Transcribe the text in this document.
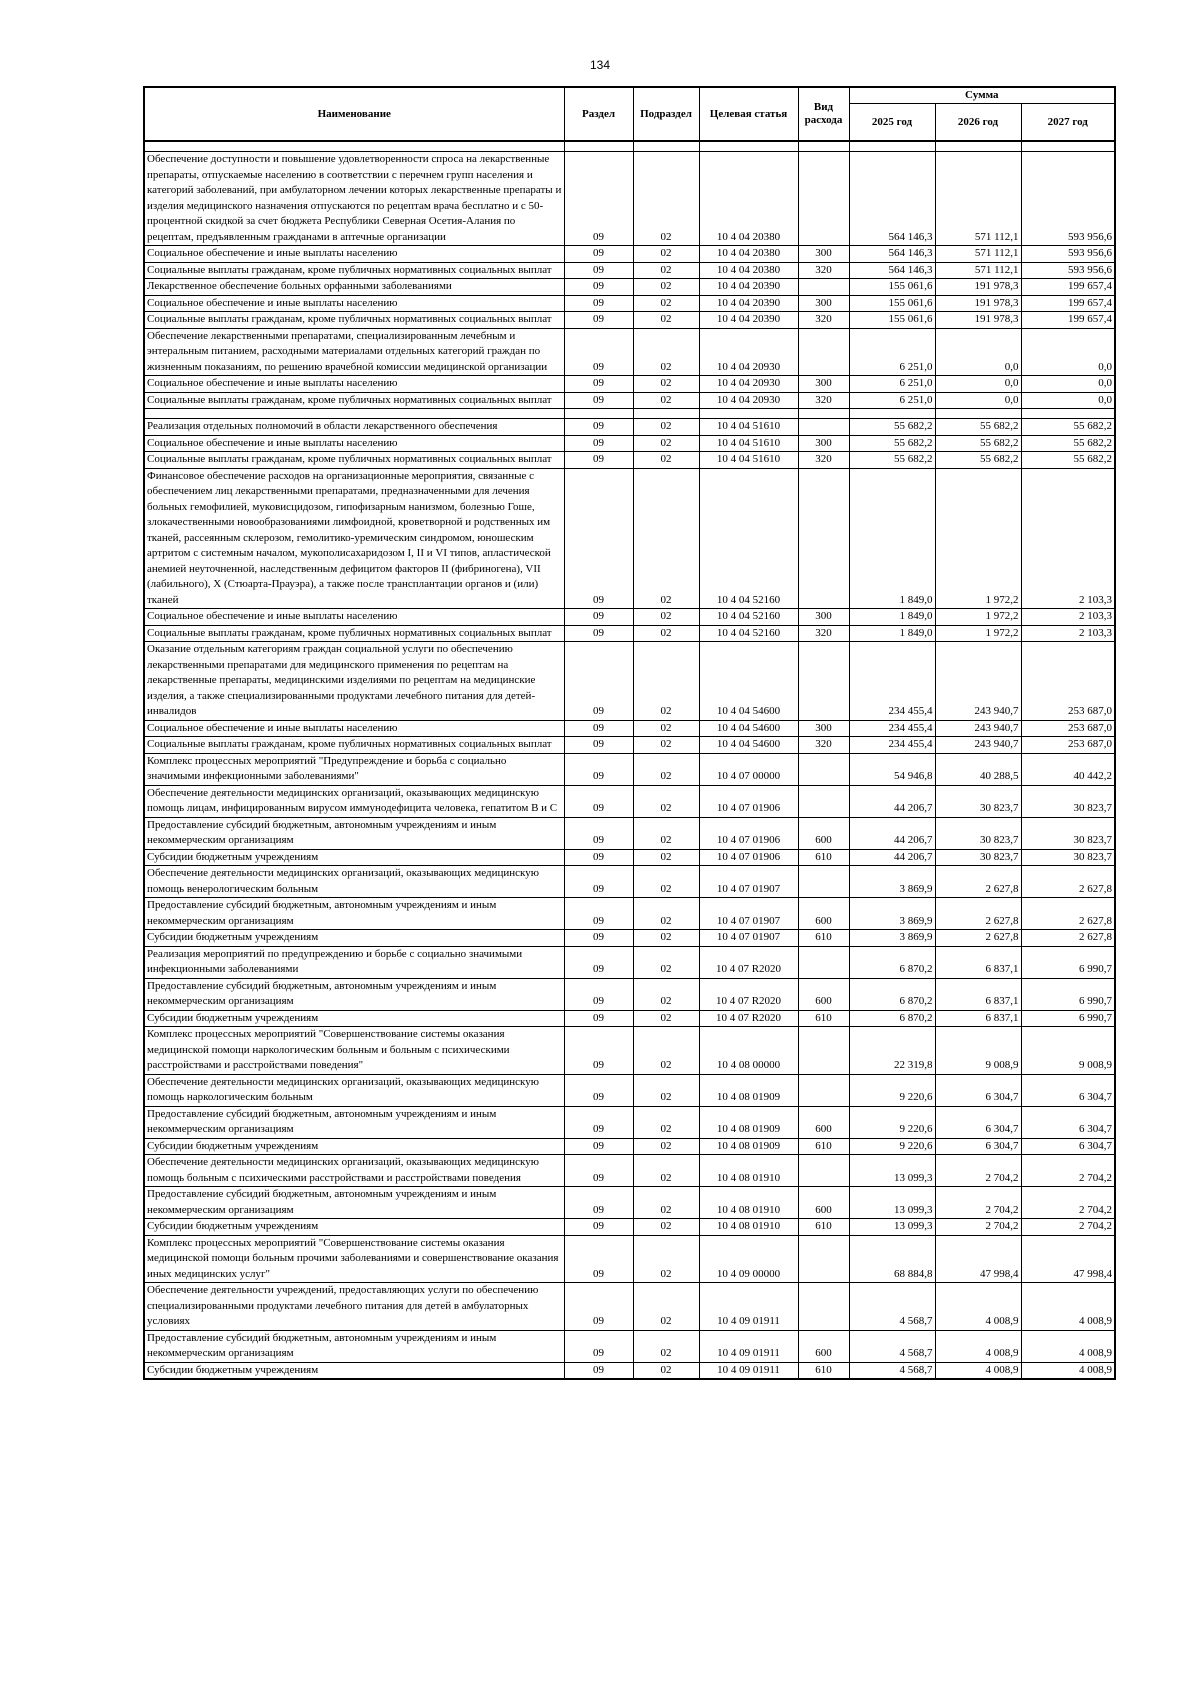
134
Наименование	Раздел	Подраздел	Целевая статья	Вид расхода	Сумма		
					2025 год	2026 год	2027 год

Обеспечение доступности и повышение удовлетворенности спроса на лекарственные препараты, отпускаемые населению в соответствии с перечнем групп населения и категорий заболеваний, при амбулаторном лечении которых лекарственные препараты и изделия медицинского назначения отпускаются по рецептам врача бесплатно и с 50-процентной скидкой за счет бюджета Республики Северная Осетия-Алания по рецептам, предъявленным гражданами в аптечные организации	09	02	10 4 04 20380		564 146,3	571 112,1	593 956,6
Социальное обеспечение и иные выплаты населению	09	02	10 4 04 20380	300	564 146,3	571 112,1	593 956,6
Социальные выплаты гражданам, кроме публичных нормативных социальных выплат	09	02	10 4 04 20380	320	564 146,3	571 112,1	593 956,6
Лекарственное обеспечение больных орфанными заболеваниями	09	02	10 4 04 20390		155 061,6	191 978,3	199 657,4
Социальное обеспечение и иные выплаты населению	09	02	10 4 04 20390	300	155 061,6	191 978,3	199 657,4
Социальные выплаты гражданам, кроме публичных нормативных социальных выплат	09	02	10 4 04 20390	320	155 061,6	191 978,3	199 657,4
Обеспечение лекарственными препаратами, специализированным лечебным и энтеральным питанием, расходными материалами отдельных категорий граждан по жизненным показаниям, по решению врачебной комиссии медицинской организации	09	02	10 4 04 20930		6 251,0	0,0	0,0
Социальное обеспечение и иные выплаты населению	09	02	10 4 04 20930	300	6 251,0	0,0	0,0
Социальные выплаты гражданам, кроме публичных нормативных социальных выплат	09	02	10 4 04 20930	320	6 251,0	0,0	0,0

Реализация отдельных полномочий в области лекарственного обеспечения	09	02	10 4 04 51610		55 682,2	55 682,2	55 682,2
Социальное обеспечение и иные выплаты населению	09	02	10 4 04 51610	300	55 682,2	55 682,2	55 682,2
Социальные выплаты гражданам, кроме публичных нормативных социальных выплат	09	02	10 4 04 51610	320	55 682,2	55 682,2	55 682,2
Финансовое обеспечение расходов на организационные мероприятия, связанные с обеспечением лиц лекарственными препаратами, предназначенными для лечения больных гемофилией, муковисцидозом, гипофизарным нанизмом, болезнью Гоше, злокачественными новообразованиями лимфоидной, кроветворной и родственных им тканей, рассеянным склерозом, гемолитико-уремическим синдромом, юношеским артритом с системным началом, мукополисахаридозом I, II и VI типов, апластической анемией неуточненной, наследственным дефицитом факторов II (фибриногена), VII (лабильного), X (Стюарта-Прауэра), а также после трансплантации органов и (или) тканей	09	02	10 4 04 52160		1 849,0	1 972,2	2 103,3
Социальное обеспечение и иные выплаты населению	09	02	10 4 04 52160	300	1 849,0	1 972,2	2 103,3
Социальные выплаты гражданам, кроме публичных нормативных социальных выплат	09	02	10 4 04 52160	320	1 849,0	1 972,2	2 103,3
Оказание отдельным категориям граждан социальной услуги по обеспечению лекарственными препаратами для медицинского применения по рецептам на лекарственные препараты, медицинскими изделиями по рецептам на медицинские изделия, а также специализированными продуктами лечебного питания для детей-инвалидов	09	02	10 4 04 54600		234 455,4	243 940,7	253 687,0
Социальное обеспечение и иные выплаты населению	09	02	10 4 04 54600	300	234 455,4	243 940,7	253 687,0
Социальные выплаты гражданам, кроме публичных нормативных социальных выплат	09	02	10 4 04 54600	320	234 455,4	243 940,7	253 687,0
Комплекс процессных мероприятий "Предупреждение и борьба с социально значимыми инфекционными заболеваниями"	09	02	10 4 07 00000		54 946,8	40 288,5	40 442,2
Обеспечение деятельности медицинских организаций, оказывающих медицинскую помощь лицам, инфицированным вирусом иммунодефицита человека, гепатитом В и С	09	02	10 4 07 01906		44 206,7	30 823,7	30 823,7
Предоставление субсидий бюджетным, автономным учреждениям и иным некоммерческим организациям	09	02	10 4 07 01906	600	44 206,7	30 823,7	30 823,7
Субсидии бюджетным учреждениям	09	02	10 4 07 01906	610	44 206,7	30 823,7	30 823,7
Обеспечение деятельности медицинских организаций, оказывающих медицинскую помощь венерологическим больным	09	02	10 4 07 01907		3 869,9	2 627,8	2 627,8
Предоставление субсидий бюджетным, автономным учреждениям и иным некоммерческим организациям	09	02	10 4 07 01907	600	3 869,9	2 627,8	2 627,8
Субсидии бюджетным учреждениям	09	02	10 4 07 01907	610	3 869,9	2 627,8	2 627,8
Реализация мероприятий по предупреждению и борьбе с социально значимыми инфекционными заболеваниями	09	02	10 4 07 R2020		6 870,2	6 837,1	6 990,7
Предоставление субсидий бюджетным, автономным учреждениям и иным некоммерческим организациям	09	02	10 4 07 R2020	600	6 870,2	6 837,1	6 990,7
Субсидии бюджетным учреждениям	09	02	10 4 07 R2020	610	6 870,2	6 837,1	6 990,7
Комплекс процессных мероприятий "Совершенствование системы оказания медицинской помощи наркологическим больным и больным с психическими расстройствами и расстройствами поведения"	09	02	10 4 08 00000		22 319,8	9 008,9	9 008,9
Обеспечение деятельности медицинских организаций, оказывающих медицинскую помощь наркологическим больным	09	02	10 4 08 01909		9 220,6	6 304,7	6 304,7
Предоставление субсидий бюджетным, автономным учреждениям и иным некоммерческим организациям	09	02	10 4 08 01909	600	9 220,6	6 304,7	6 304,7
Субсидии бюджетным учреждениям	09	02	10 4 08 01909	610	9 220,6	6 304,7	6 304,7
Обеспечение деятельности медицинских организаций, оказывающих медицинскую помощь больным с психическими расстройствами и расстройствами поведения	09	02	10 4 08 01910		13 099,3	2 704,2	2 704,2
Предоставление субсидий бюджетным, автономным учреждениям и иным некоммерческим организациям	09	02	10 4 08 01910	600	13 099,3	2 704,2	2 704,2
Субсидии бюджетным учреждениям	09	02	10 4 08 01910	610	13 099,3	2 704,2	2 704,2
Комплекс процессных мероприятий "Совершенствование системы оказания медицинской помощи больным прочими заболеваниями и совершенствование оказания иных медицинских услуг"	09	02	10 4 09 00000		68 884,8	47 998,4	47 998,4
Обеспечение деятельности учреждений, предоставляющих услуги по обеспечению специализированными продуктами лечебного питания для детей в амбулаторных условиях	09	02	10 4 09 01911		4 568,7	4 008,9	4 008,9
Предоставление субсидий бюджетным, автономным учреждениям и иным некоммерческим организациям	09	02	10 4 09 01911	600	4 568,7	4 008,9	4 008,9
Субсидии бюджетным учреждениям	09	02	10 4 09 01911	610	4 568,7	4 008,9	4 008,9
